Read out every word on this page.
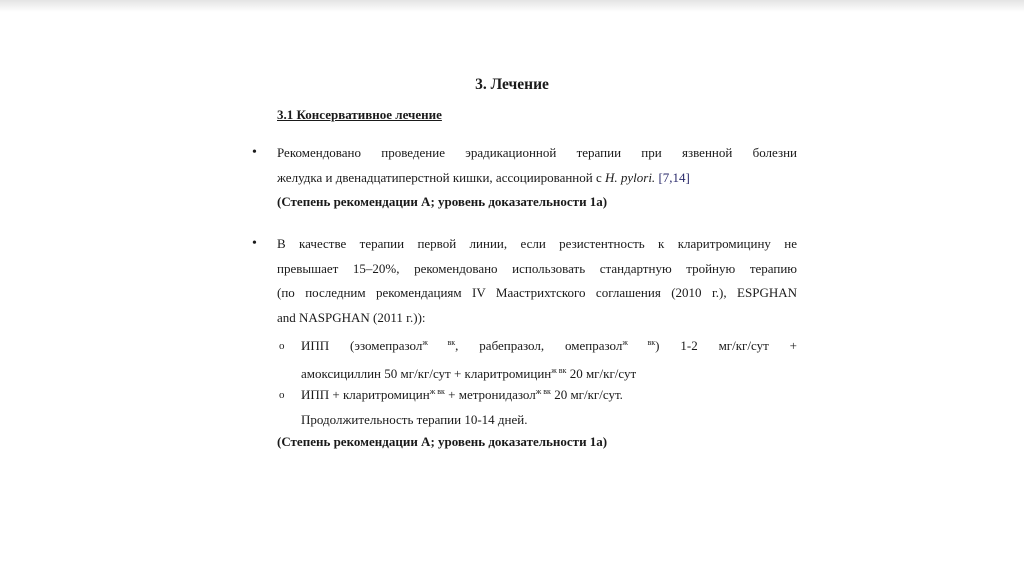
3. Лечение
3.1 Консервативное лечение
• Рекомендовано проведение эрадикационной терапии при язвенной болезни
желудка и двенадцатиперстной кишки, ассоциированной с H. pylori. [7,14]
(Степень рекомендации A; уровень доказательности 1a)
• В качестве терапии первой линии, если резистентность к кларитромицину не
превышает 15–20%, рекомендовано использовать стандартную тройную терапию
(по последним рекомендациям IV Маастрихтского соглашения (2010 г.), ESPGHAN
and NASPGHAN (2011 г.)):
o ИПП (эзомепразол$^{ж вк}$, рабепразол, омепразол$^{ж вк}$) 1-2 мг/кг/сут +
амоксициллин 50 мг/кг/сут + кларитромицин$^{ж вк}$ 20 мг/кг/сут
o ИПП + кларитромицин$^{ж вк}$ + метронидазол$^{ж вк}$ 20 мг/кг/сут.
Продолжительность терапии 10-14 дней.
(Степень рекомендации A; уровень доказательности 1a)
